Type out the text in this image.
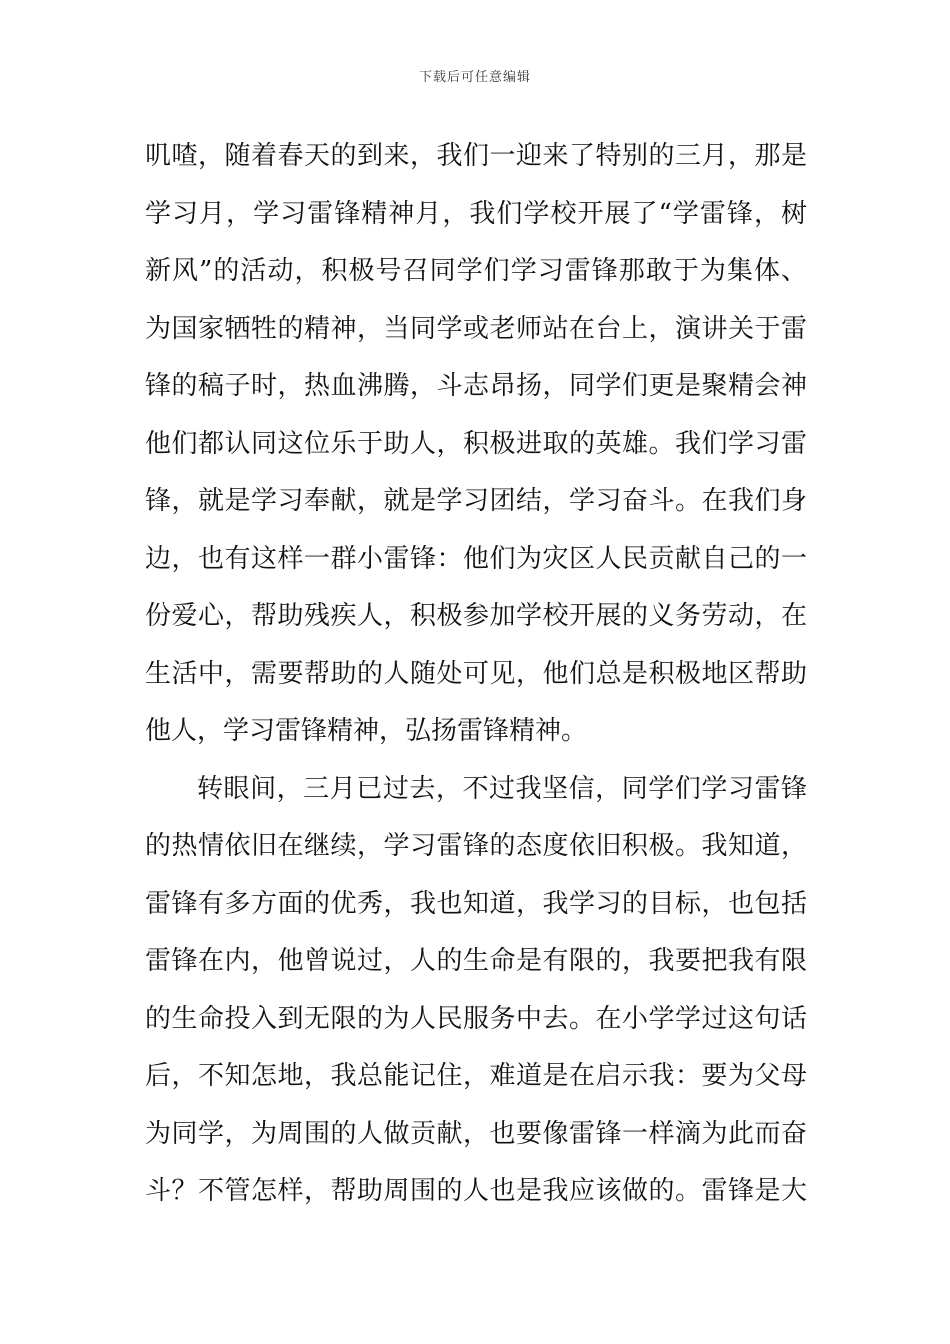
下载后可任意编辑
叽喳，随着春天的到来，我们一迎来了特别的三月，那是
学习月，学习雷锋精神月，我们学校开展了“学雷锋，树
新风”的活动，积极号召同学们学习雷锋那敢于为集体、
为国家牺牲的精神，当同学或老师站在台上，演讲关于雷
锋的稿子时，热血沸腾，斗志昂扬，同学们更是聚精会神
他们都认同这位乐于助人，积极进取的英雄。我们学习雷
锋，就是学习奉献，就是学习团结，学习奋斗。在我们身
边，也有这样一群小雷锋：他们为灾区人民贡献自己的一
份爱心，帮助残疾人，积极参加学校开展的义务劳动，在
生活中，需要帮助的人随处可见，他们总是积极地区帮助
他人，学习雷锋精神，弘扬雷锋精神。
转眼间，三月已过去，不过我坚信，同学们学习雷锋
的热情依旧在继续，学习雷锋的态度依旧积极。我知道，
雷锋有多方面的优秀，我也知道，我学习的目标，也包括
雷锋在内，他曾说过，人的生命是有限的，我要把我有限
的生命投入到无限的为人民服务中去。在小学学过这句话
后，不知怎地，我总能记住，难道是在启示我：要为父母
为同学，为周围的人做贡献，也要像雷锋一样滴为此而奋
斗？不管怎样，帮助周围的人也是我应该做的。雷锋是大
